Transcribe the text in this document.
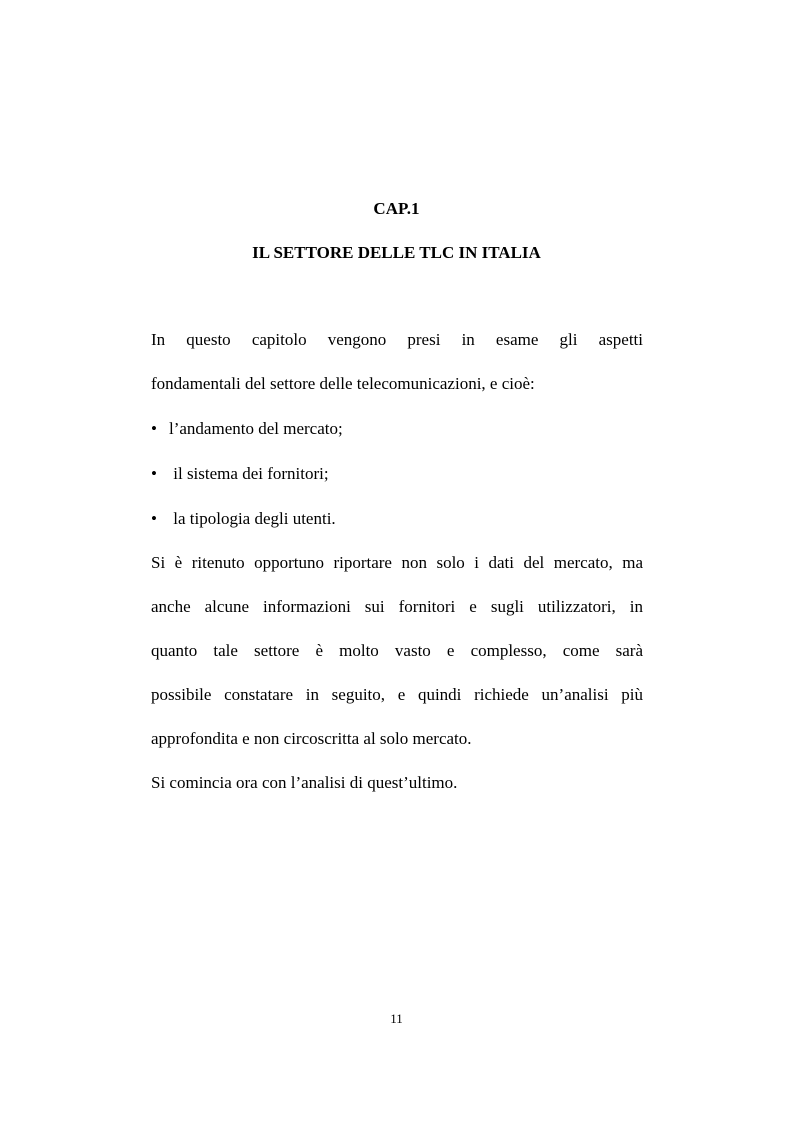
CAP.1
IL SETTORE DELLE TLC IN ITALIA
In questo capitolo vengono presi in esame gli aspetti
fondamentali del settore delle telecomunicazioni, e cioè:
• l’andamento del mercato;
• il sistema dei fornitori;
• la tipologia degli utenti.
Si è ritenuto opportuno riportare non solo i dati del mercato, ma
anche alcune informazioni sui fornitori e sugli utilizzatori, in
quanto tale settore è molto vasto e complesso, come sarà
possibile constatare in seguito, e quindi richiede un’analisi più
approfondita e non circoscritta al solo mercato.
Si comincia ora con l’analisi di quest’ultimo.
11
